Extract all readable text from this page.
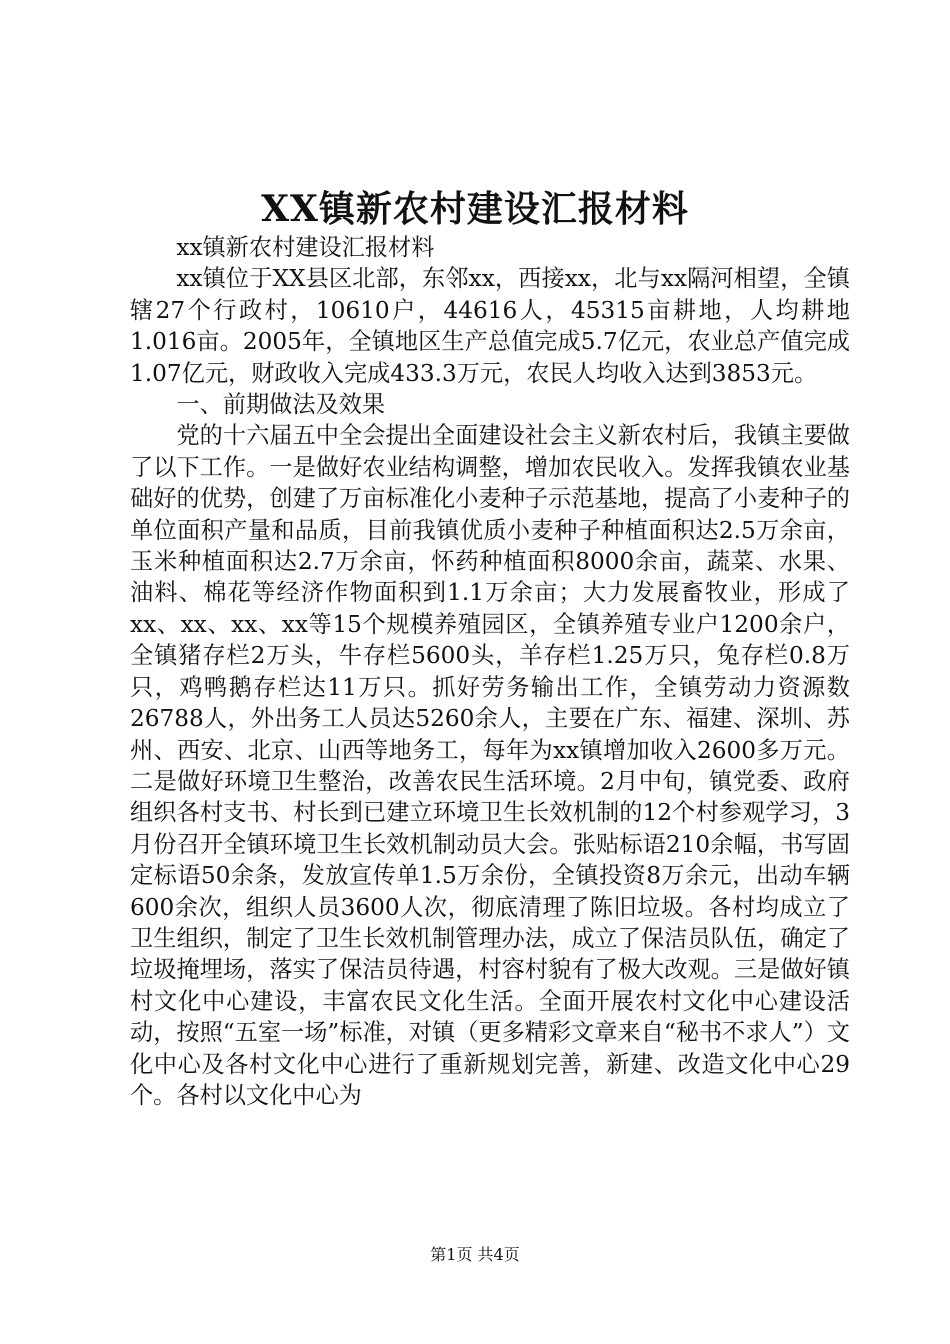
XX镇新农村建设汇报材料

xx镇新农村建设汇报材料

xx镇位于XX县区北部，东邻xx，西接xx，北与xx隔河相望，全镇辖27个行政村，10610户，44616人，45315亩耕地，人均耕地1.016亩。2005年，全镇地区生产总值完成5.7亿元，农业总产值完成1.07亿元，财政收入完成433.3万元，农民人均收入达到3853元。

一、前期做法及效果

党的十六届五中全会提出全面建设社会主义新农村后，我镇主要做了以下工作。一是做好农业结构调整，增加农民收入。发挥我镇农业基础好的优势，创建了万亩标准化小麦种子示范基地，提高了小麦种子的单位面积产量和品质，目前我镇优质小麦种子种植面积达2.5万余亩，玉米种植面积达2.7万余亩，怀药种植面积8000余亩，蔬菜、水果、油料、棉花等经济作物面积到1.1万余亩；大力发展畜牧业，形成了xx、xx、xx、xx等15个规模养殖园区，全镇养殖专业户1200余户，全镇猪存栏2万头，牛存栏5600头，羊存栏1.25万只，兔存栏0.8万只，鸡鸭鹅存栏达11万只。抓好劳务输出工作，全镇劳动力资源数26788人，外出务工人员达5260余人，主要在广东、福建、深圳、苏州、西安、北京、山西等地务工，每年为xx镇增加收入2600多万元。二是做好环境卫生整治，改善农民生活环境。2月中旬，镇党委、政府组织各村支书、村长到已建立环境卫生长效机制的12个村参观学习，3月份召开全镇环境卫生长效机制动员大会。张贴标语210余幅，书写固定标语50余条，发放宣传单1.5万余份，全镇投资8万余元，出动车辆600余次，组织人员3600人次，彻底清理了陈旧垃圾。各村均成立了卫生组织，制定了卫生长效机制管理办法，成立了保洁员队伍，确定了垃圾掩埋场，落实了保洁员待遇，村容村貌有了极大改观。三是做好镇村文化中心建设，丰富农民文化生活。全面开展农村文化中心建设活动，按照“五室一场”标准，对镇（更多精彩文章来自“秘书不求人”）文化中心及各村文化中心进行了重新规划完善，新建、改造文化中心29个。各村以文化中心为

第1页 共4页
